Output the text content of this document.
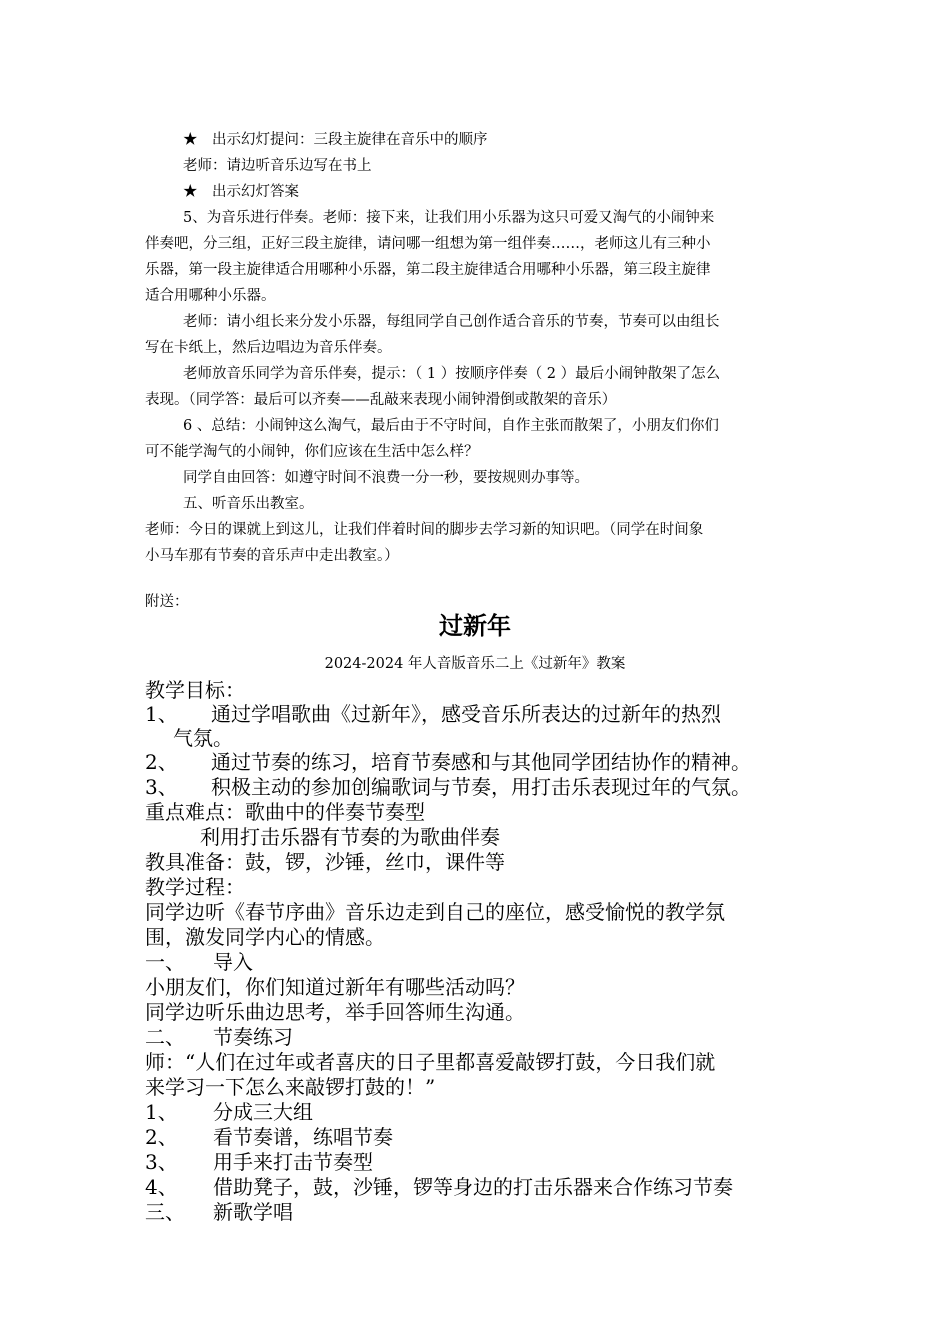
★　出示幻灯提问：三段主旋律在音乐中的顺序
老师：请边听音乐边写在书上
★　出示幻灯答案
5、为音乐进行伴奏。老师：接下来，让我们用小乐器为这只可爱又淘气的小闹钟来
伴奏吧，分三组，正好三段主旋律，请问哪一组想为第一组伴奏……，老师这儿有三种小
乐器，第一段主旋律适合用哪种小乐器，第二段主旋律适合用哪种小乐器，第三段主旋律
适合用哪种小乐器。
老师：请小组长来分发小乐器，每组同学自己创作适合音乐的节奏，节奏可以由组长
写在卡纸上，然后边唱边为音乐伴奏。
老师放音乐同学为音乐伴奏，提示：（ 1 ）按顺序伴奏（ 2 ）最后小闹钟散架了怎么
表现。（同学答：最后可以齐奏——乱敲来表现小闹钟滑倒或散架的音乐）
6 、总结：小闹钟这么淘气，最后由于不守时间，自作主张而散架了，小朋友们你们
可不能学淘气的小闹钟，你们应该在生活中怎么样？
同学自由回答：如遵守时间不浪费一分一秒，要按规则办事等。
五、听音乐出教室。
老师：今日的课就上到这儿，让我们伴着时间的脚步去学习新的知识吧。（同学在时间象
小马车那有节奏的音乐声中走出教室。）
附送：
过新年
2024-2024 年人音版音乐二上《过新年》教案
教学目标：
1、 通过学唱歌曲《过新年》，感受音乐所表达的过新年的热烈
气氛。
2、 通过节奏的练习，培育节奏感和与其他同学团结协作的精神。
3、 积极主动的参加创编歌词与节奏，用打击乐表现过年的气氛。
重点难点：歌曲中的伴奏节奏型
利用打击乐器有节奏的为歌曲伴奏
教具准备：鼓，锣，沙锤，丝巾，课件等
教学过程：
同学边听《春节序曲》音乐边走到自己的座位，感受愉悦的教学氛
围，激发同学内心的情感。
一、 导入
小朋友们，你们知道过新年有哪些活动吗？
同学边听乐曲边思考，举手回答师生沟通。
二、 节奏练习
师：“人们在过年或者喜庆的日子里都喜爱敲锣打鼓，今日我们就
来学习一下怎么来敲锣打鼓的！”
1、 分成三大组
2、 看节奏谱，练唱节奏
3、 用手来打击节奏型
4、 借助凳子，鼓，沙锤，锣等身边的打击乐器来合作练习节奏
三、 新歌学唱
